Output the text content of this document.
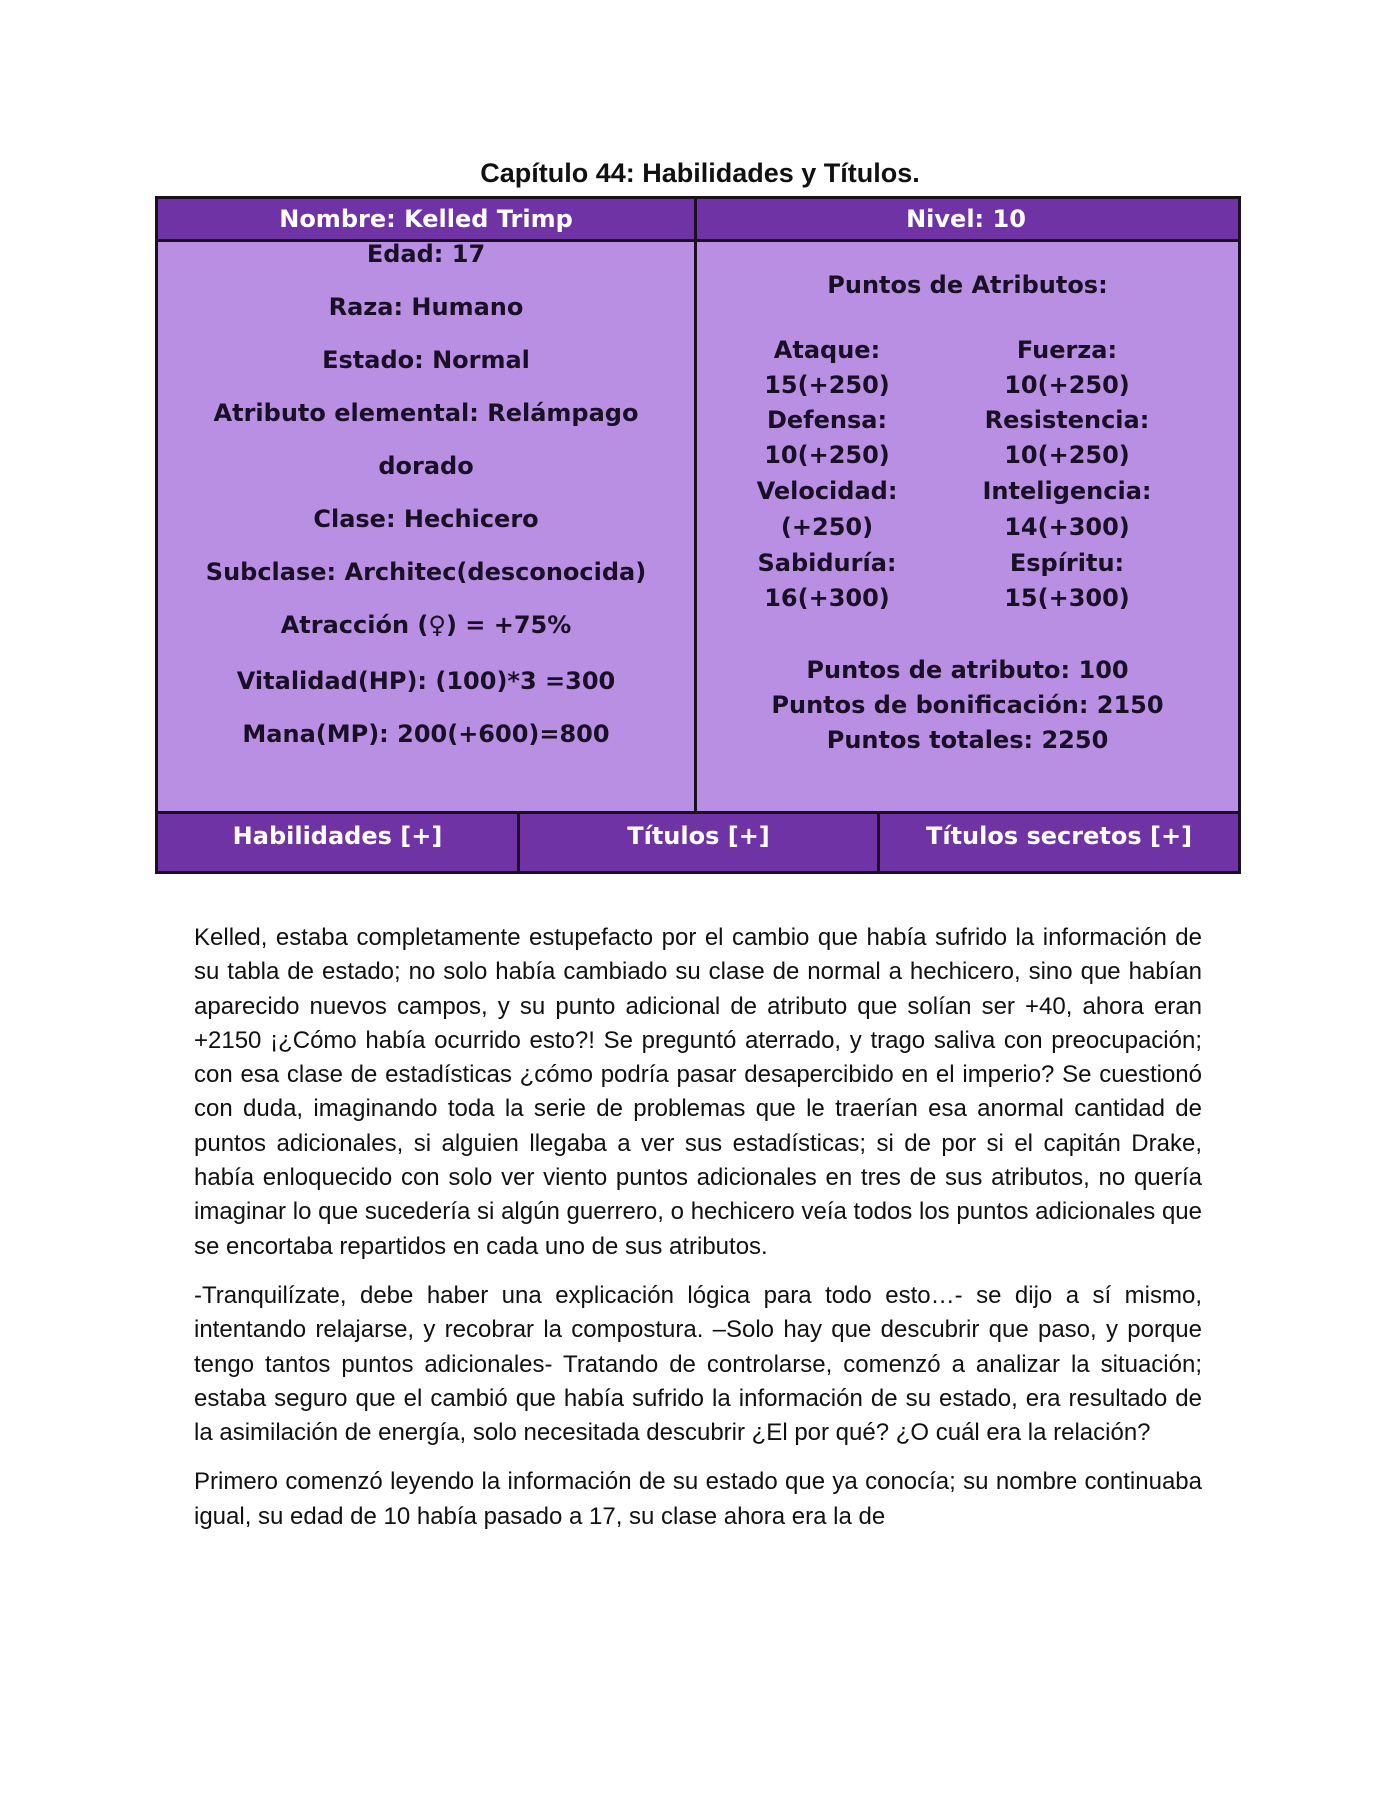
Capítulo 44: Habilidades y Títulos.
Nombre: Kelled Trimp	Nivel: 10
Edad: 17
Raza: Humano
Estado: Normal
Atributo elemental: Relámpago
dorado
Clase: Hechicero
Subclase: Architec(desconocida)
Atracción (♀) = +75%
Vitalidad(HP): (100)*3 =300
Mana(MP): 200(+600)=800
Puntos de Atributos:
Ataque:
15(+250)
Fuerza:
10(+250)
Defensa:
10(+250)
Resistencia:
10(+250)
Velocidad:
(+250)
Inteligencia:
14(+300)
Sabiduría:
16(+300)
Espíritu:
15(+300)
Puntos de atributo: 100
Puntos de bonificación: 2150
Puntos totales: 2250
Habilidades [+]	Títulos [+]	Títulos secretos [+]

Kelled, estaba completamente estupefacto por el cambio que había sufrido la información de su tabla de estado; no solo había cambiado su clase de normal a hechicero, sino que habían aparecido nuevos campos, y su punto adicional de atributo que solían ser +40, ahora eran +2150 ¡¿Cómo había ocurrido esto?! Se preguntó aterrado, y trago saliva con preocupación; con esa clase de estadísticas ¿cómo podría pasar desapercibido en el imperio? Se cuestionó con duda, imaginando toda la serie de problemas que le traerían esa anormal cantidad de puntos adicionales, si alguien llegaba a ver sus estadísticas; si de por si el capitán Drake, había enloquecido con solo ver viento puntos adicionales en tres de sus atributos, no quería imaginar lo que sucedería si algún guerrero, o hechicero veía todos los puntos adicionales que se encortaba repartidos en cada uno de sus atributos.

-Tranquilízate, debe haber una explicación lógica para todo esto…- se dijo a sí mismo, intentando relajarse, y recobrar la compostura. –Solo hay que descubrir que paso, y porque tengo tantos puntos adicionales- Tratando de controlarse, comenzó a analizar la situación; estaba seguro que el cambió que había sufrido la información de su estado, era resultado de la asimilación de energía, solo necesitada descubrir ¿El por qué? ¿O cuál era la relación?

Primero comenzó leyendo la información de su estado que ya conocía; su nombre continuaba igual, su edad de 10 había pasado a 17, su clase ahora era la de
